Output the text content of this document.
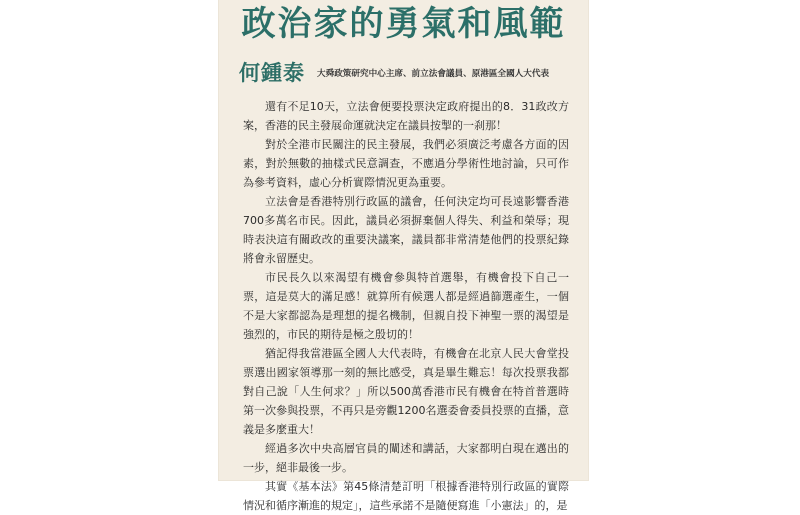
政治家的勇氣和風範
何鍾泰 大舜政策研究中心主席、前立法會議員、原港區全國人大代表

還有不足10天，立法會便要投票決定政府提出的8．31政改方案，香港的民主發展命運就決定在議員按掣的一刹那！

對於全港市民關注的民主發展，我們必須廣泛考慮各方面的因素，對於無數的抽樣式民意調查，不應過分學術性地討論，只可作為參考資料，虛心分析實際情況更為重要。

立法會是香港特別行政區的議會，任何決定均可長遠影響香港700多萬名市民。因此，議員必須摒棄個人得失、利益和榮辱；現時表決這有關政改的重要決議案，議員都非常清楚他們的投票紀錄將會永留歷史。

市民長久以來渴望有機會參與特首選舉，有機會投下自己一票，這是莫大的滿足感！就算所有候選人都是經過篩選產生，一個不是大家都認為是理想的提名機制，但親自投下神聖一票的渴望是強烈的，市民的期待是極之殷切的！

猶記得我當港區全國人大代表時，有機會在北京人民大會堂投票選出國家領導那一刻的無比感受，真是畢生難忘！每次投票我都對自己說「人生何求？」所以500萬香港市民有機會在特首普選時第一次參與投票，不再只是旁觀1200名選委會委員投票的直播，意義是多麼重大！

經過多次中央高層官員的闡述和講話，大家都明白現在邁出的一步，絕非最後一步。

其實《基本法》第45條清楚訂明「根據香港特別行政區的實際情況和循序漸進的規定」，這些承諾不是隨便寫進「小憲法」的，是
